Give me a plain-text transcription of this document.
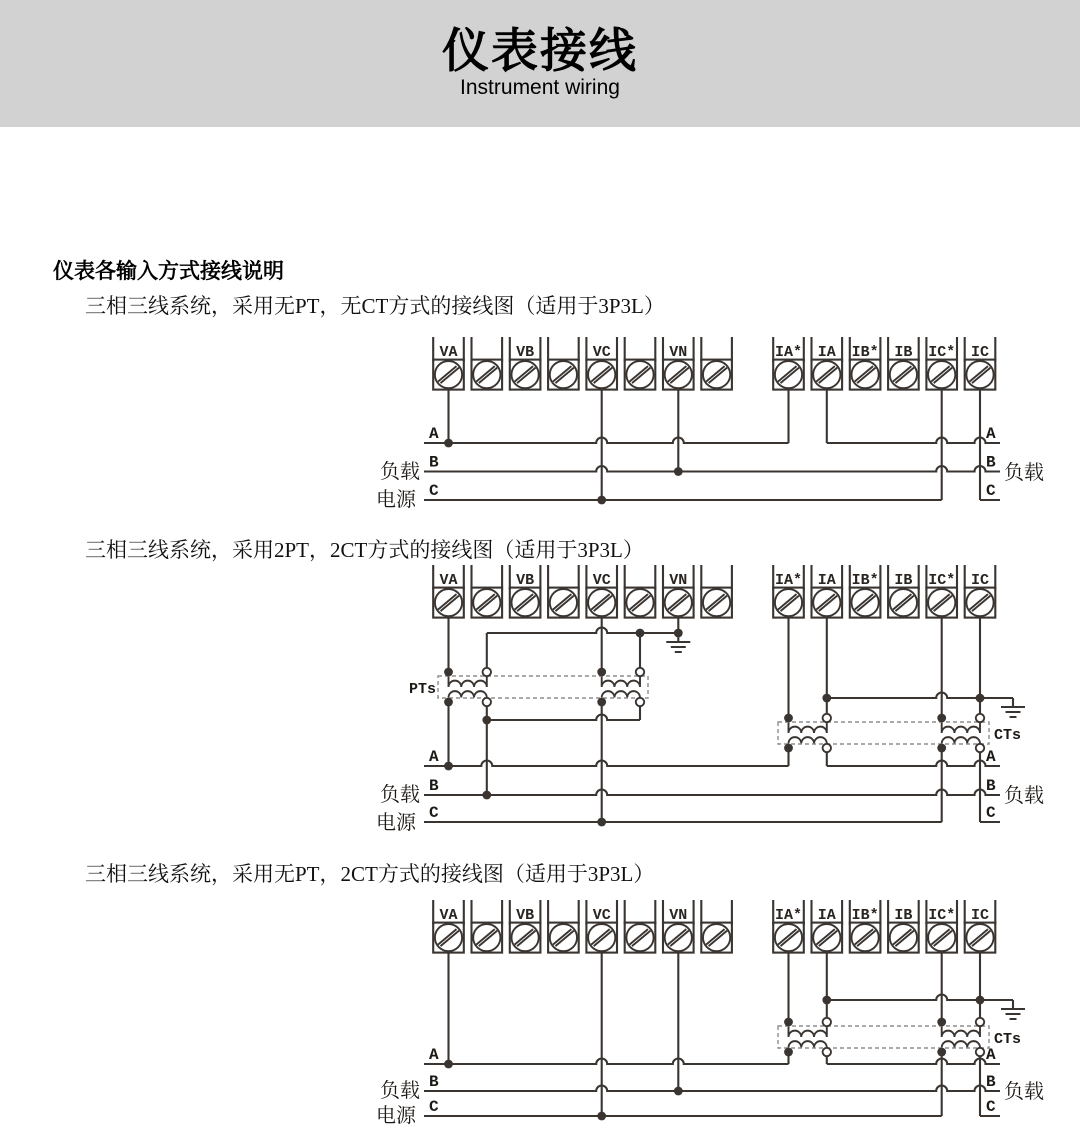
仪表接线
Instrument wiring
仪表各输入方式接线说明
三相三线系统，采用无PT，无CT方式的接线图（适用于3P3L）
三相三线系统，采用2PT，2CT方式的接线图（适用于3P3L）
三相三线系统，采用无PT，2CT方式的接线图（适用于3P3L）
VA	VB	VC	VN	IA* IA IB* IB IC* IC
A
B
C
A
B
C
负载
电源
负载
VA	VB	VC	VN	IA* IA IB* IB IC* IC
PTs
CTs
A
B
C
A
B
C
负载
电源
负载
VA	VB	VC	VN	IA* IA IB* IB IC* IC
CTs
A
B
C
A
B
C
负载
电源
负载
